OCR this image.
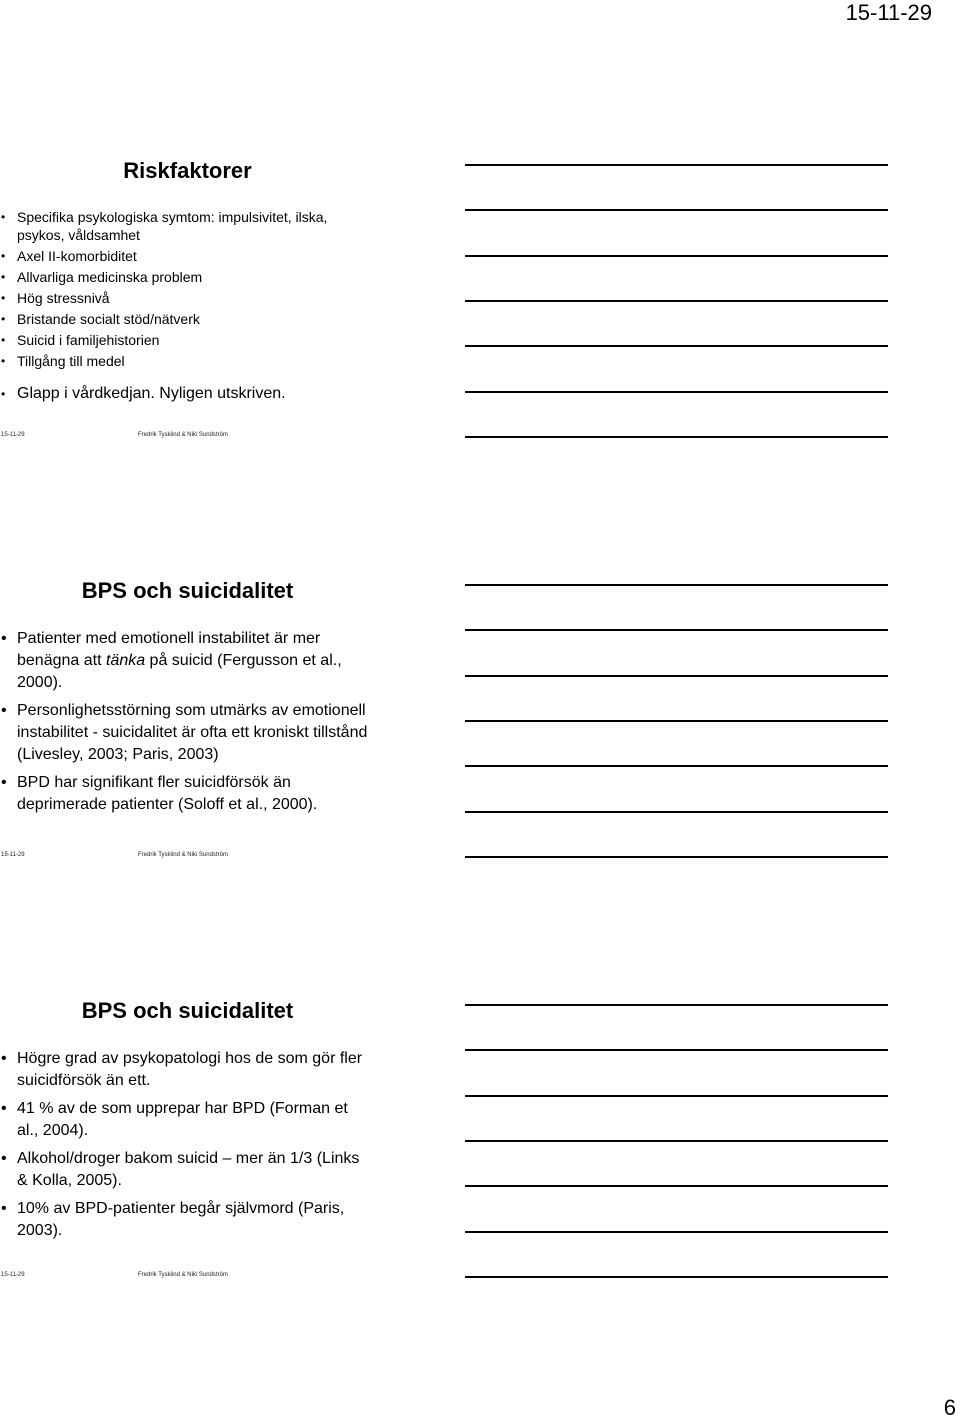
15-11-29
Riskfaktorer
• Specifika psykologiska symtom: impulsivitet, ilska, psykos, våldsamhet
• Axel II-komorbiditet
• Allvarliga medicinska problem
• Hög stressnivå
• Bristande socialt stöd/nätverk
• Suicid i familjehistorien
• Tillgång till medel
• Glapp i vårdkedjan. Nyligen utskriven.
15-11-29	Fredrik Tysklind & Niki Sundström
BPS och suicidalitet
• Patienter med emotionell instabilitet är mer benägna att tänka på suicid (Fergusson et al., 2000).
• Personlighetsstörning som utmärks av emotionell instabilitet - suicidalitet är ofta ett kroniskt tillstånd (Livesley, 2003; Paris, 2003)
• BPD har signifikant fler suicidförsök än deprimerade patienter (Soloff et al., 2000).
15-11-29	Fredrik Tysklind & Niki Sundström
BPS och suicidalitet
• Högre grad av psykopatologi hos de som gör fler suicidförsök än ett.
• 41 % av de som upprepar har BPD (Forman et al., 2004).
• Alkohol/droger bakom suicid – mer än 1/3 (Links & Kolla, 2005).
• 10% av BPD-patienter begår självmord (Paris, 2003).
15-11-29	Fredrik Tysklind & Niki Sundström
6
